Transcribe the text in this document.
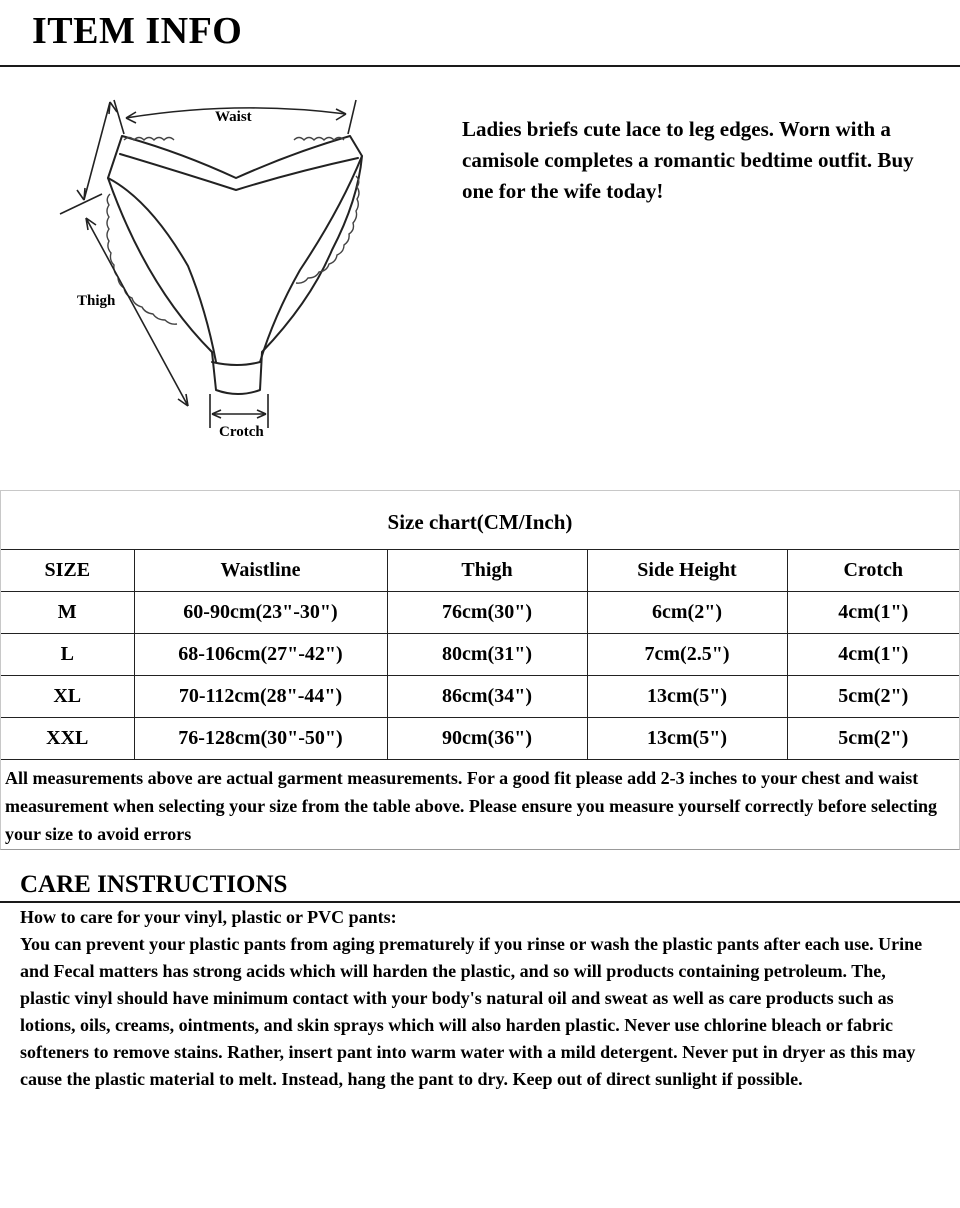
ITEM INFO
Waist
Thigh
Crotch

Ladies briefs cute lace to leg edges. Worn with a camisole completes a romantic bedtime outfit. Buy one for the wife today!

Size chart(CM/Inch)
SIZE	Waistline	Thigh	Side Height	Crotch
M	60-90cm(23"-30")	76cm(30")	6cm(2")	4cm(1")
L	68-106cm(27"-42")	80cm(31")	7cm(2.5")	4cm(1")
XL	70-112cm(28"-44")	86cm(34")	13cm(5")	5cm(2")
XXL	76-128cm(30"-50")	90cm(36")	13cm(5")	5cm(2")

All measurements above are actual garment measurements. For a good fit please add 2-3 inches to your chest and waist measurement when selecting your size from the table above. Please ensure you measure yourself correctly before selecting your size to avoid errors

CARE INSTRUCTIONS

How to care for your vinyl, plastic or PVC pants:

You can prevent your plastic pants from aging prematurely if you rinse or wash the plastic pants after each use. Urine and Fecal matters has strong acids which will harden the plastic, and so will products containing petroleum. The, plastic vinyl should have minimum contact with your body's natural oil and sweat as well as care products such as lotions, oils, creams, ointments, and skin sprays which will also harden plastic. Never use chlorine bleach or fabric softeners to remove stains. Rather, insert pant into warm water with a mild detergent. Never put in dryer as this may cause the plastic material to melt. Instead, hang the pant to dry. Keep out of direct sunlight if possible.
